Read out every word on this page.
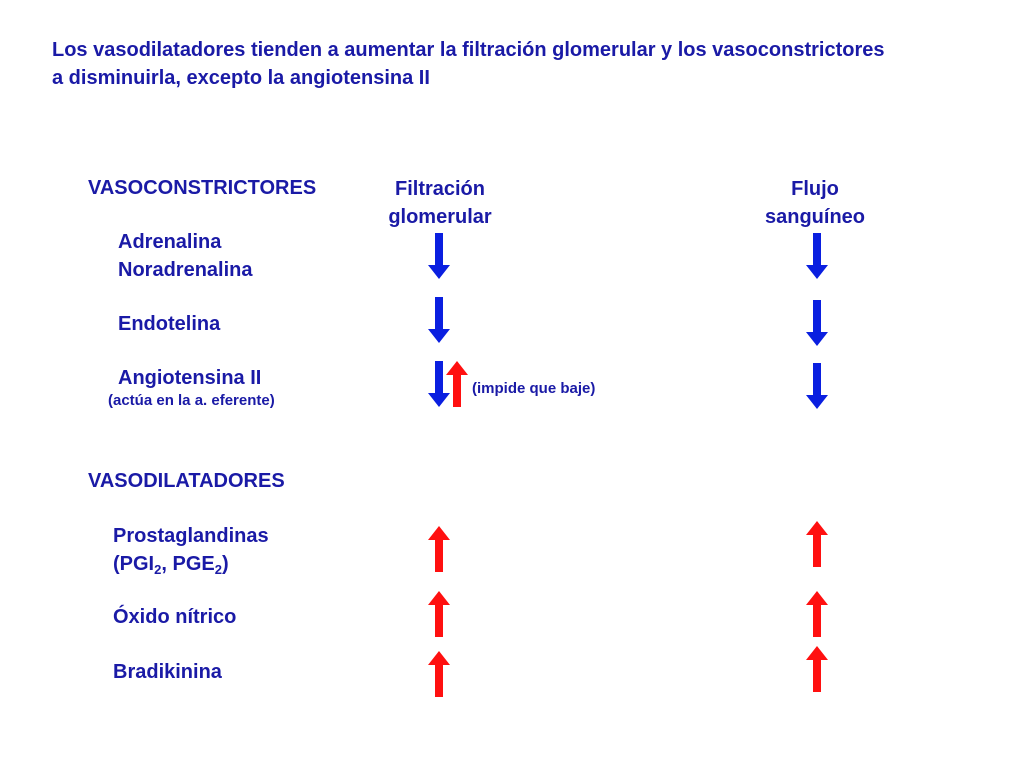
Los vasodilatadores tienden a aumentar la filtración glomerular y los vasoconstrictores
a disminuirla, excepto la angiotensina II
Filtración
glomerular
Flujo
sanguíneo
VASOCONSTRICTORES
Adrenalina
Noradrenalina
Endotelina
Angiotensina II
(actúa en la a. eferente)
(impide que baje)
VASODILATADORES
Prostaglandinas
($PGI_2$, $PGE_2$)
Óxido nítrico
Bradikinina
